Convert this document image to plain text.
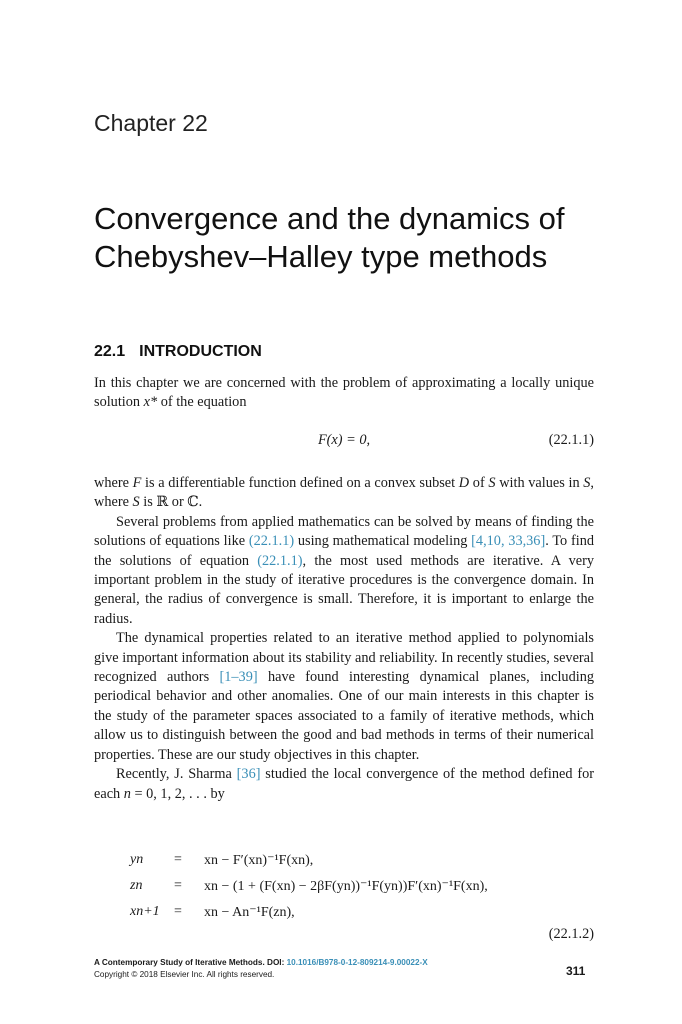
Chapter 22
Convergence and the dynamics of Chebyshev–Halley type methods
22.1 INTRODUCTION

In this chapter we are concerned with the problem of approximating a locally unique solution x* of the equation

F(x) = 0,	(22.1.1)

where F is a differentiable function defined on a convex subset D of S with values in S, where S is ℝ or ℂ.

Several problems from applied mathematics can be solved by means of finding the solutions of equations like (22.1.1) using mathematical modeling [4,10, 33,36]. To find the solutions of equation (22.1.1), the most used methods are iterative. A very important problem in the study of iterative procedures is the convergence domain. In general, the radius of convergence is small. Therefore, it is important to enlarge the radius.

The dynamical properties related to an iterative method applied to polynomials give important information about its stability and reliability. In recently studies, several recognized authors [1–39] have found interesting dynamical planes, including periodical behavior and other anomalies. One of our main interests in this chapter is the study of the parameter spaces associated to a family of iterative methods, which allow us to distinguish between the good and bad methods in terms of their numerical properties. These are our study objectives in this chapter.

Recently, J. Sharma [36] studied the local convergence of the method defined for each n = 0, 1, 2, . . . by

yn = xn − F′(xn)⁻¹F(xn),
zn = xn − (1 + (F(xn) − 2βF(yn))⁻¹F(yn))F′(xn)⁻¹F(xn),
xn+1 = xn − An⁻¹F(zn),
(22.1.2)
A Contemporary Study of Iterative Methods. DOI: 10.1016/B978-0-12-809214-9.00022-X
Copyright © 2018 Elsevier Inc. All rights reserved.	311
